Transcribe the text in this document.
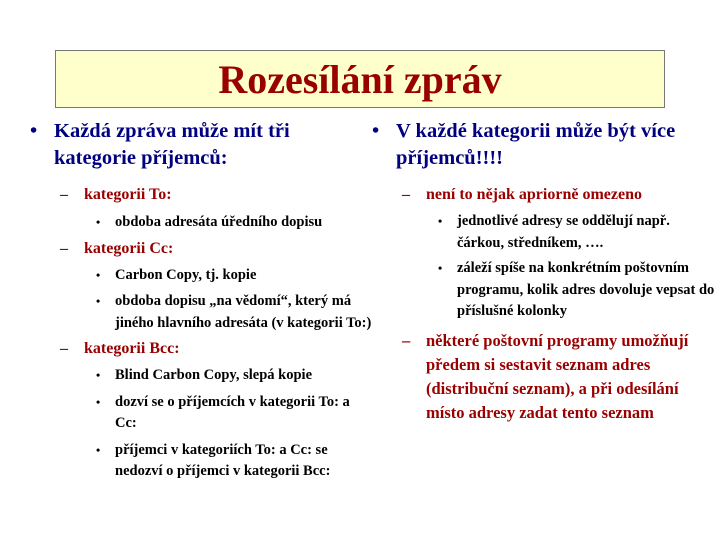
Rozesílání zpráv
• Každá zpráva může mít tři kategorie příjemců:
– kategorii To:
• obdoba adresáta úředního dopisu
– kategorii Cc:
• Carbon Copy, tj. kopie
• obdoba dopisu „na vědomí“, který má jiného hlavního adresáta (v kategorii To:)
– kategorii Bcc:
• Blind Carbon Copy, slepá kopie
• dozví se o příjemcích v kategorii To: a Cc:
• příjemci v kategoriích To: a Cc: se nedozví o příjemci v kategorii Bcc:
• V každé kategorii může být více příjemců!!!!
– není to nějak apriorně omezeno
• jednotlivé adresy se oddělují např. čárkou, středníkem, ….
• záleží spíše na konkrétním poštovním programu, kolik adres dovoluje vepsat do příslušné kolonky
– některé poštovní programy umožňují předem si sestavit seznam adres (distribuční seznam), a při odesílání místo adresy zadat tento seznam
